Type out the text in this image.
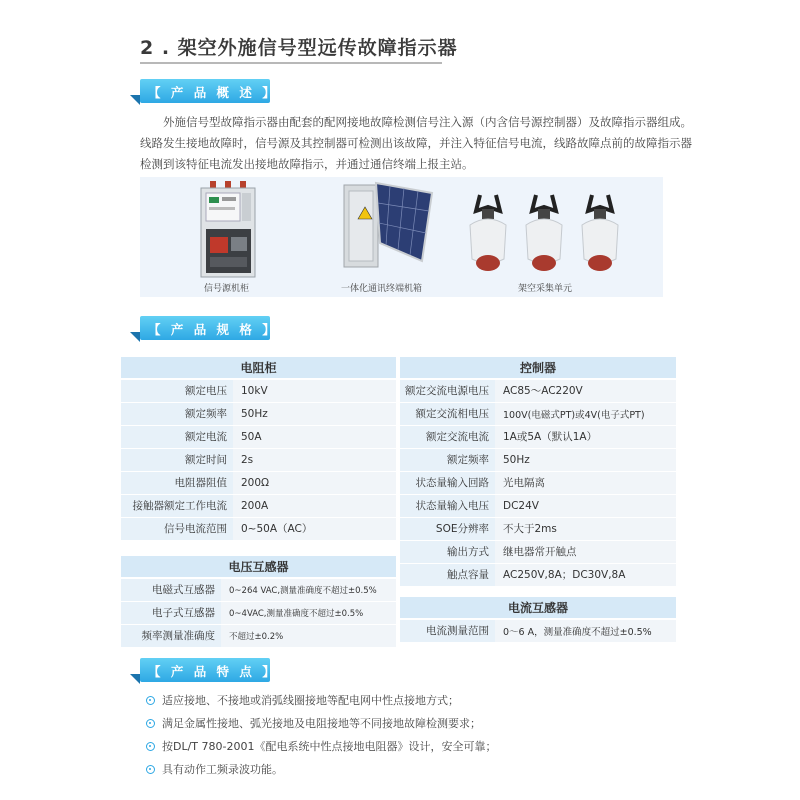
2 . 架空外施信号型远传故障指示器
【 产 品 概 述 】

外施信号型故障指示器由配套的配网接地故障检测信号注入源（内含信号源控制器）及故障指示器组成。

线路发生接地故障时，信号源及其控制器可检测出该故障，并注入特征信号电流，线路故障点前的故障指示器

检测到该特征电流发出接地故障指示，并通过通信终端上报主站。

信号源机柜	一体化通讯终端机箱	架空采集单元
【 产 品 规 格 】
电阻柜	
额定电压	10kV
额定频率	50Hz
额定电流	50A
额定时间	2s
电阻器阻值	200Ω
接触器额定工作电流	200A
信号电流范围	0~50A（AC）
电压互感器	
电磁式互感器	0~264 VAC,测量准确度不超过±0.5%
电子式互感器	0~4VAC,测量准确度不超过±0.5%
频率测量准确度	不超过±0.2%
控制器	
额定交流电源电压	AC85～AC220V
额定交流相电压	100V(电磁式PT)或4V(电子式PT)
额定交流电流	1A或5A（默认1A）
额定频率	50Hz
状态量输入回路	光电隔离
状态量输入电压	DC24V
SOE分辨率	不大于2ms
输出方式	继电器常开触点
触点容量	AC250V,8A；DC30V,8A
电流互感器
电流测量范围	0～6 A，测量准确度不超过±0.5%
【 产 品 特 点 】
适应接地、不接地或消弧线圈接地等配电网中性点接地方式；
满足金属性接地、弧光接地及电阻接地等不同接地故障检测要求；
按DL/T 780-2001《配电系统中性点接地电阻器》设计，安全可靠；
具有动作工频录波功能。
